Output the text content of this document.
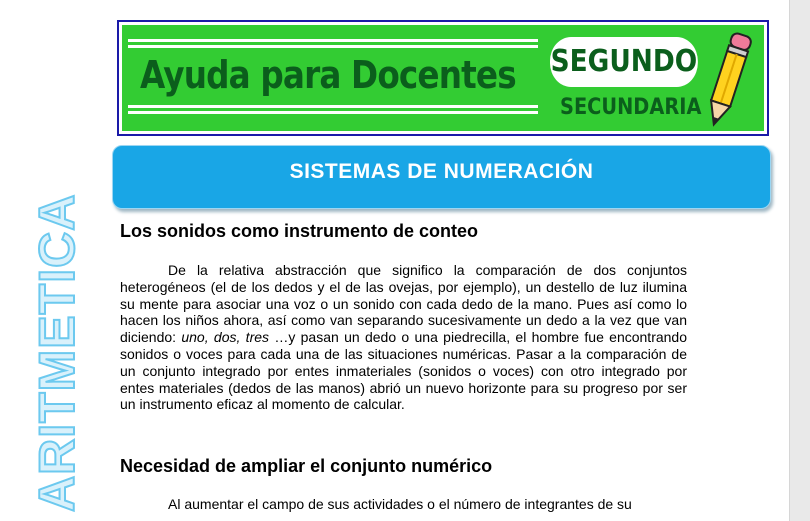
Ayuda para Docentes SEGUNDO
SECUNDARIA
SISTEMAS DE NUMERACIÓN
ARITMETICA Los sonidos como instrumento de conteo

De la relativa abstracción que significo la comparación de dos conjuntos heterogéneos (el de los dedos y el de las ovejas, por ejemplo), un destello de luz ilumina su mente para asociar una voz o un sonido con cada dedo de la mano. Pues así como lo hacen los niños ahora, así como van separando sucesivamente un dedo a la vez que van diciendo: uno, dos, tres …y pasan un dedo o una piedrecilla, el hombre fue encontrando sonidos o voces para cada una de las situaciones numéricas. Pasar a la comparación de un conjunto integrado por entes inmateriales (sonidos o voces) con otro integrado por entes materiales (dedos de las manos) abrió un nuevo horizonte para su progreso por ser un instrumento eficaz al momento de calcular.

Necesidad de ampliar el conjunto numérico

Al aumentar el campo de sus actividades o el número de integrantes de su
